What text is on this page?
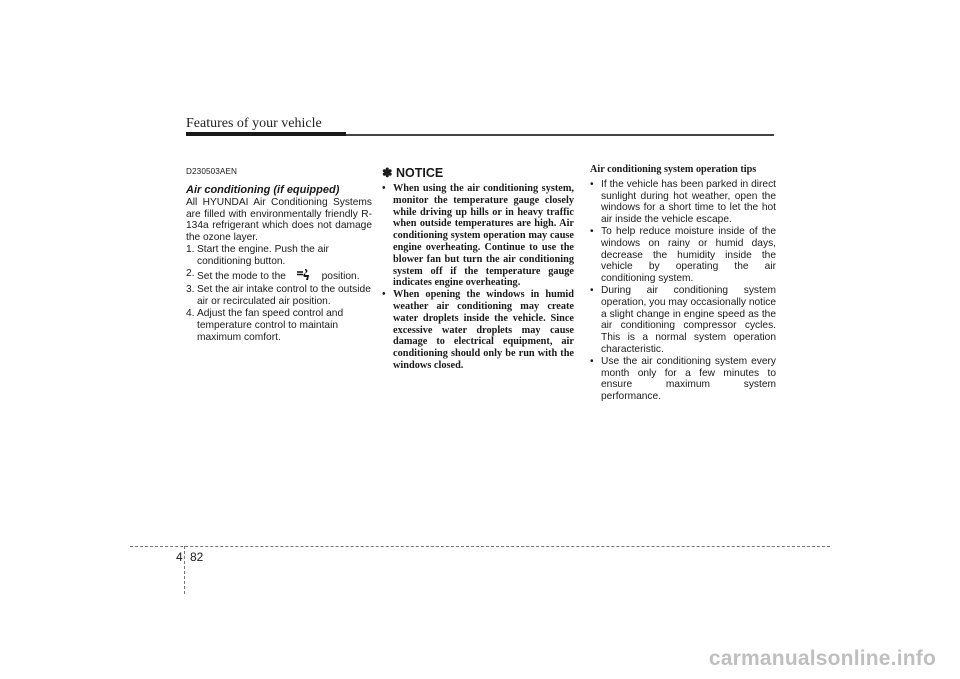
Features of your vehicle

D230503AEN

Air conditioning (if equipped)

All HYUNDAI Air Conditioning Systems are filled with environmentally friendly R-134a refrigerant which does not damage the ozone layer.

1. Start the engine. Push the air conditioning button.
2. Set the mode to the	position.
3. Set the air intake control to the outside air or recirculated air position.
4. Adjust the fan speed control and temperature control to maintain maximum comfort.

✽ NOTICE

• When using the air conditioning system, monitor the temperature gauge closely while driving up hills or in heavy traffic when outside temperatures are high. Air conditioning system operation may cause engine overheating. Continue to use the blower fan but turn the air conditioning system off if the temperature gauge indicates engine overheating.
• When opening the windows in humid weather air conditioning may create water droplets inside the vehicle. Since excessive water droplets may cause damage to electrical equipment, air conditioning should only be run with the windows closed.

Air conditioning system operation tips

• If the vehicle has been parked in direct sunlight during hot weather, open the windows for a short time to let the hot air inside the vehicle escape.
• To help reduce moisture inside of the windows on rainy or humid days, decrease the humidity inside the vehicle by operating the air conditioning system.
• During air conditioning system operation, you may occasionally notice a slight change in engine speed as the air conditioning compressor cycles. This is a normal system operation characteristic.
• Use the air conditioning system every month only for a few minutes to ensure maximum system performance.
4 82
carmanualsonline.info
